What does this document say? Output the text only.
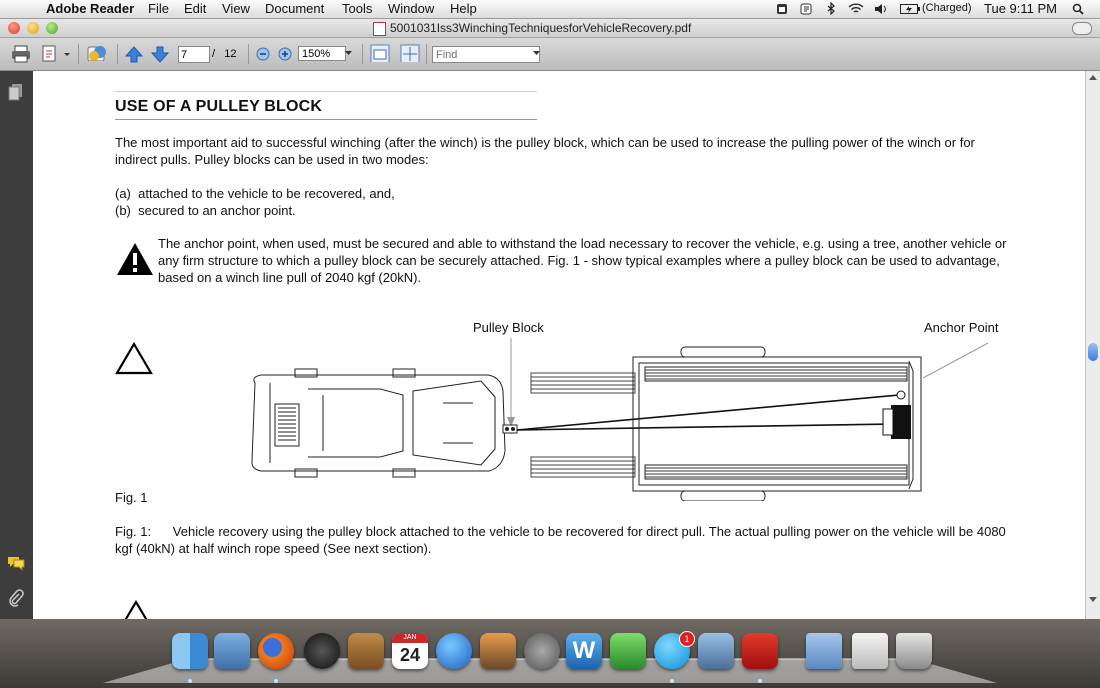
Adobe Reader File Edit View Document Tools Window Help	(Charged) Tue 9:11 PM
5001031Iss3WinchingTechniquesforVehicleRecovery.pdf
7
/ 12	150%
Find
USE OF A PULLEY BLOCK
The most important aid to successful winching (after the winch) is the pulley block, which can be used to increase the pulling power of the winch or for indirect pulls. Pulley blocks can be used in two modes:
(a) attached to the vehicle to be recovered, and,
(b) secured to an anchor point.
The anchor point, when used, must be secured and able to withstand the load necessary to recover the vehicle, e.g. using a tree, another vehicle or any firm structure to which a pulley block can be securely attached. Fig. 1 - show typical examples where a pulley block can be used to advantage, based on a winch line pull of 2040 kgf (20kN).
Pulley Block	Anchor Point
Fig. 1
Fig. 1: Vehicle recovery using the pulley block attached to the vehicle to be recovered for direct pull. The actual pulling power on the vehicle will be 4080 kgf (40kN) at half winch rope speed (See next section).
JAN
24	W	1
